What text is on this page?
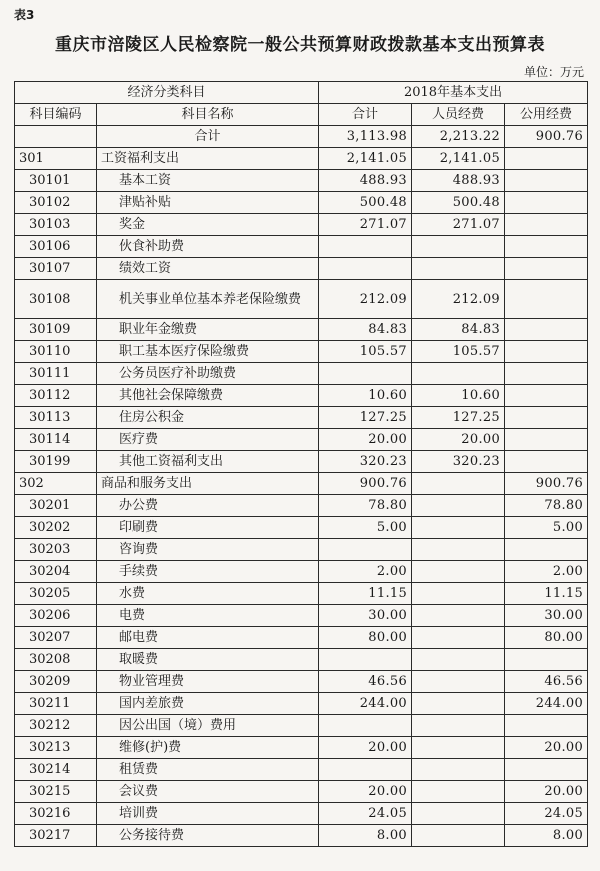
表3
重庆市涪陵区人民检察院一般公共预算财政拨款基本支出预算表
单位：万元
经济分类科目		2018年基本支出		
科目编码	科目名称	合计	人员经费	公用经费
	合计	3,113.98	2,213.22	900.76
301	工资福利支出	2,141.05	2,141.05	
30101	基本工资	488.93	488.93	
30102	津贴补贴	500.48	500.48	
30103	奖金	271.07	271.07	
30106	伙食补助费			
30107	绩效工资			
30108	机关事业单位基本养老保险缴费	212.09	212.09	
30109	职业年金缴费	84.83	84.83	
30110	职工基本医疗保险缴费	105.57	105.57	
30111	公务员医疗补助缴费			
30112	其他社会保障缴费	10.60	10.60	
30113	住房公积金	127.25	127.25	
30114	医疗费	20.00	20.00	
30199	其他工资福利支出	320.23	320.23	
302	商品和服务支出	900.76		900.76
30201	办公费	78.80		78.80
30202	印刷费	5.00		5.00
30203	咨询费			
30204	手续费	2.00		2.00
30205	水费	11.15		11.15
30206	电费	30.00		30.00
30207	邮电费	80.00		80.00
30208	取暖费			
30209	物业管理费	46.56		46.56
30211	国内差旅费	244.00		244.00
30212	因公出国（境）费用			
30213	维修(护)费	20.00		20.00
30214	租赁费			
30215	会议费	20.00		20.00
30216	培训费	24.05		24.05
30217	公务接待费	8.00		8.00
